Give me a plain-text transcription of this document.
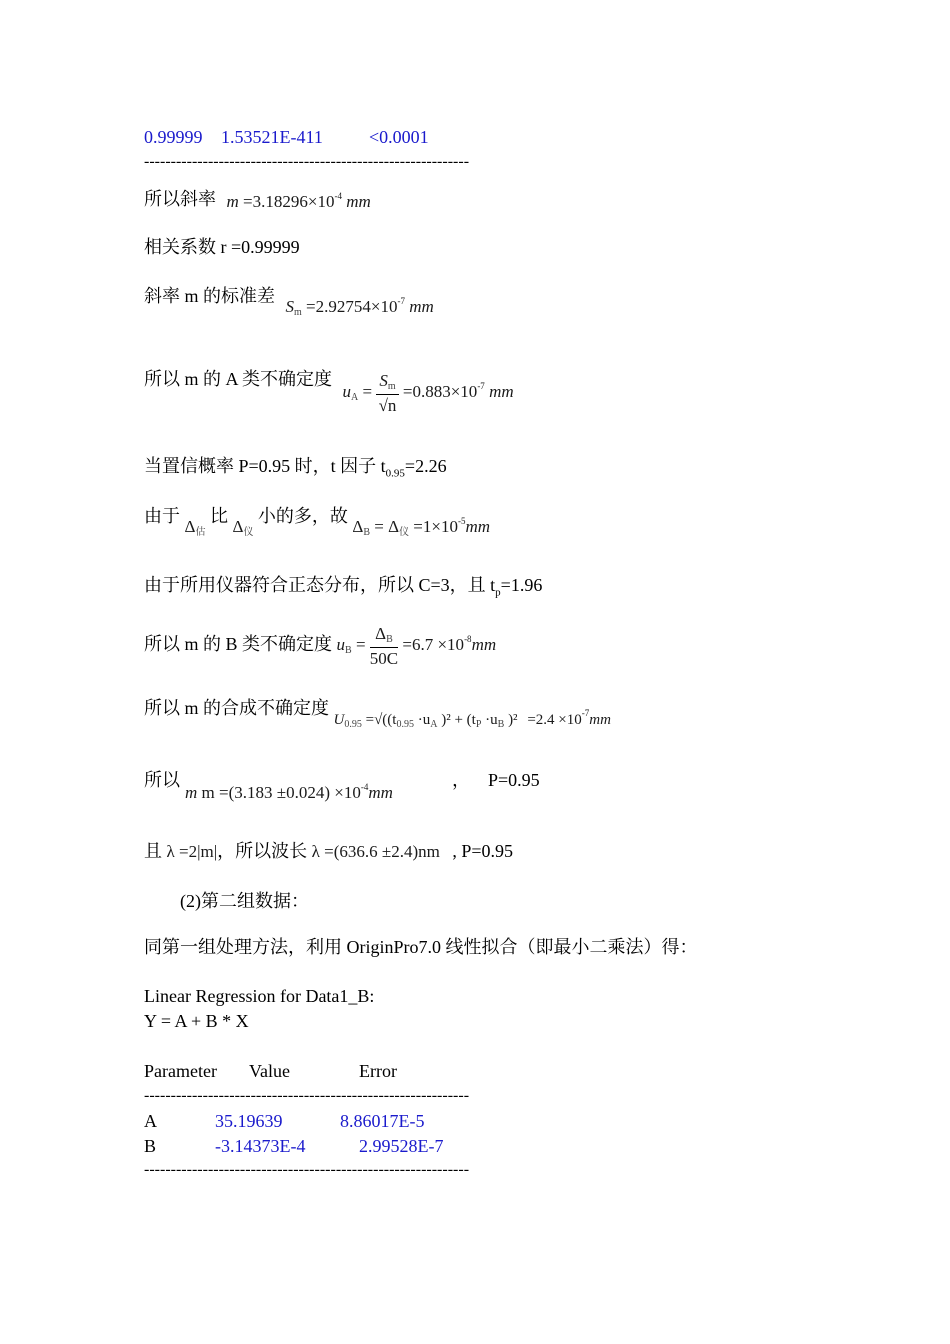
0.99999 1.53521E-411	<0.0001
-------------------------------------------------------------
所以斜率 $m =3.18296\times 10^{-4}$ mm
相关系数 r =0.99999
斜率 m 的标准差 $Sm =2.92754\times 10^{-7}$ mm
所以 m 的 A 类不确定度 uA = $\frac{Sm}{√n} =0.883\times 10^{-7}$ mm
当置信概率 P=0.95 时，t 因子 $t_{0.95}=2.26$
由于 Δ估 比 Δ仪 小的多，故 ΔB = Δ仪 $=1\times 10^{-5}mm$
由于所用仪器符合正态分布，所以 C=3，且 $t_p=1.96$
所以 m 的 B 类不确定度 uB = $\frac{\Delta B}{50C} =6.7 \times 10^{-8}mm$
所以 m 的合成不确定度 $_{U_{0.95} =√((t_{0.95} \cdot u_A )^2 + (t_P \cdot u_B )^2 =2.4 \times 10^{-7}mm}$
所以
m $m =(3.183 \pm 0.024) \times 10^{-4}mm$
， P=0.95
且 λ =2|m|，所以波长 λ =(636.6 ±2.4)nm , P=0.95
(2)第二组数据：
同第一组处理方法，利用 OriginPro7.0 线性拟合（即最小二乘法）得：
Linear Regression for Data1_B:
Y = A + B * X
Parameter Value	Error
-------------------------------------------------------------
A	35.19639	8.86017E-5
B	-3.14373E-4	2.99528E-7
-------------------------------------------------------------
